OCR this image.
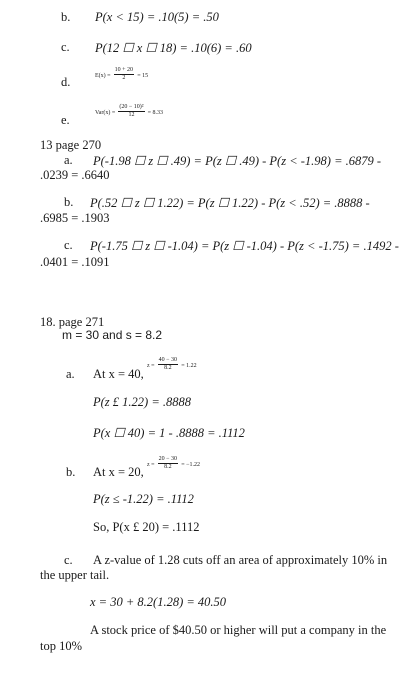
b. P(x < 15) = .10(5) = .50
c. P(12 ☐ x ☐ 18) = .10(6) = .60
d.	$E(x) = \frac{10 + 20}{2} = 15$
e.	$Var(x) = \frac{\text{(20 − 10)²}}{12} = 8.33$
13 page 270
a. P(-1.98 ☐ z ☐ .49) = P(z ☐ .49) - P(z < -1.98) = .6879 -
.0239 = .6640
b. P(.52 ☐ z ☐ 1.22) = P(z ☐ 1.22) - P(z < .52) = .8888 -
.6985 = .1903
c. P(-1.75 ☐ z ☐ -1.04) = P(z ☐ -1.04) - P(z < -1.75) = .1492 -
.0401 = .1091
18. page 271
m = 30 and s = 8.2
a. At x = 40,
$z = \frac{40 - 30}{8.2} = 1.22$
P(z £ 1.22) = .8888
P(x ☐ 40) = 1 - .8888 = .1112
b. At x = 20, $z = \frac{20 - 30}{8.2} = -1.22$
P(z ≤ -1.22) = .1112
So, P(x £ 20) = .1112
c. A z-value of 1.28 cuts off an area of approximately 10% in
the upper tail.
x = 30 + 8.2(1.28) = 40.50
A stock price of $40.50 or higher will put a company in the
top 10%
